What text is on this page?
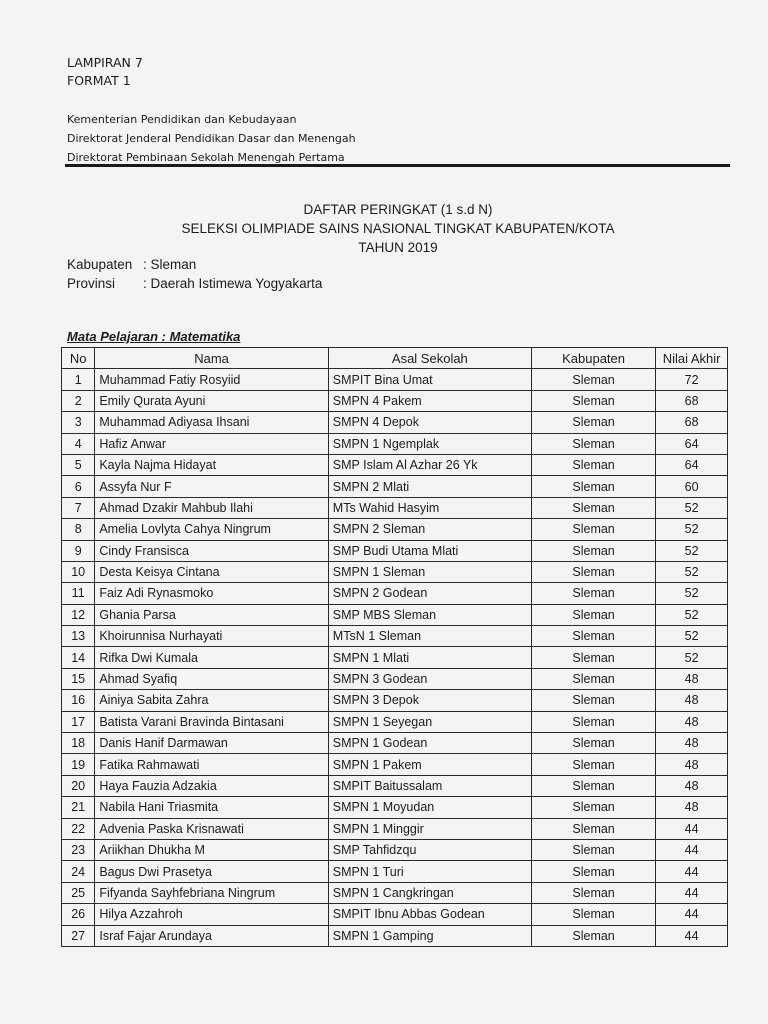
LAMPIRAN 7
FORMAT 1
Kementerian Pendidikan dan Kebudayaan
Direktorat Jenderal Pendidikan Dasar dan Menengah
Direktorat Pembinaan Sekolah Menengah Pertama
DAFTAR PERINGKAT (1 s.d N)
SELEKSI OLIMPIADE SAINS NASIONAL TINGKAT KABUPATEN/KOTA
TAHUN 2019
Kabupaten : Sleman
Provinsi	: Daerah Istimewa Yogyakarta
Mata Pelajaran : Matematika
No	Nama	Asal Sekolah	Kabupaten	Nilai Akhir
1	Muhammad Fatiy Rosyiid	SMPIT Bina Umat	Sleman	72
2	Emily Qurata Ayuni	SMPN 4 Pakem	Sleman	68
3	Muhammad Adiyasa Ihsani	SMPN 4 Depok	Sleman	68
4	Hafiz Anwar	SMPN 1 Ngemplak	Sleman	64
5	Kayla Najma Hidayat	SMP Islam Al Azhar 26 Yk	Sleman	64
6	Assyfa Nur F	SMPN 2 Mlati	Sleman	60
7	Ahmad Dzakir Mahbub Ilahi	MTs Wahid Hasyim	Sleman	52
8	Amelia Lovlyta Cahya Ningrum	SMPN 2 Sleman	Sleman	52
9	Cindy Fransisca	SMP Budi Utama Mlati	Sleman	52
10	Desta Keisya Cintana	SMPN 1 Sleman	Sleman	52
11	Faiz Adi Rynasmoko	SMPN 2 Godean	Sleman	52
12	Ghania Parsa	SMP MBS Sleman	Sleman	52
13	Khoirunnisa Nurhayati	MTsN 1 Sleman	Sleman	52
14	Rifka Dwi Kumala	SMPN 1 Mlati	Sleman	52
15	Ahmad Syafiq	SMPN 3 Godean	Sleman	48
16	Ainiya Sabita Zahra	SMPN 3 Depok	Sleman	48
17	Batista Varani Bravinda Bintasani	SMPN 1 Seyegan	Sleman	48
18	Danis Hanif Darmawan	SMPN 1 Godean	Sleman	48
19	Fatika Rahmawati	SMPN 1 Pakem	Sleman	48
20	Haya Fauzia Adzakia	SMPIT Baitussalam	Sleman	48
21	Nabila Hani Triasmita	SMPN 1 Moyudan	Sleman	48
22	Advenia Paska Krisnawati	SMPN 1 Minggir	Sleman	44
23	Ariikhan Dhukha M	SMP Tahfidzqu	Sleman	44
24	Bagus Dwi Prasetya	SMPN 1 Turi	Sleman	44
25	Fifyanda Sayhfebriana Ningrum	SMPN 1 Cangkringan	Sleman	44
26	Hilya Azzahroh	SMPIT Ibnu Abbas Godean	Sleman	44
27	Israf Fajar Arundaya	SMPN 1 Gamping	Sleman	44
